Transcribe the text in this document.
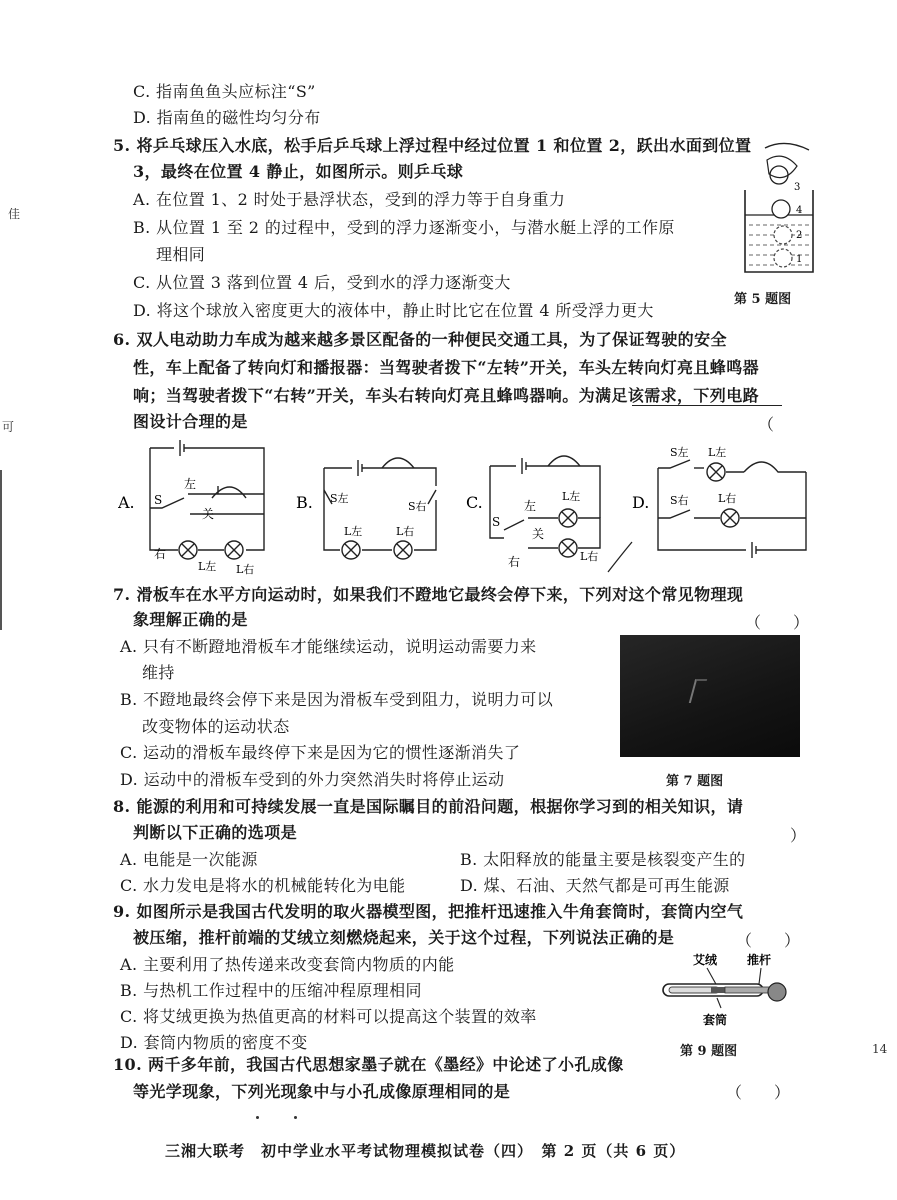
佳
可
14
C. 指南鱼鱼头应标注“S”
D. 指南鱼的磁性均匀分布
5. 将乒乓球压入水底，松手后乒乓球上浮过程中经过位置 1 和位置 2，跃出水面到位置
3，最终在位置 4 静止，如图所示。则乒乓球
A. 在位置 1、2 时处于悬浮状态，受到的浮力等于自身重力
B. 从位置 1 至 2 的过程中，受到的浮力逐渐变小，与潜水艇上浮的工作原
理相同
C. 从位置 3 落到位置 4 后，受到水的浮力逐渐变大
D. 将这个球放入密度更大的液体中，静止时比它在位置 4 所受浮力更大
3
4
2
1
第 5 题图
6. 双人电动助力车成为越来越多景区配备的一种便民交通工具，为了保证驾驶的安全
性，车上配备了转向灯和播报器：当驾驶者拨下“左转”开关，车头左转向灯亮且蜂鸣器
响；当驾驶者拨下“右转”开关，车头右转向灯亮且蜂鸣器响。为满足该需求，下列电路
图设计合理的是	（
A.	B.	C.	D.
S
左
关
右
L左 L右
S左
S右
L左	L右
S
左
关
右
L左
L右
S左
S右
L左
L右
7. 滑板车在水平方向运动时，如果我们不蹬地它最终会停下来，下列对这个常见物理现
象理解正确的是	（　　）
A. 只有不断蹬地滑板车才能继续运动，说明运动需要力来
维持
B. 不蹬地最终会停下来是因为滑板车受到阻力，说明力可以
改变物体的运动状态
C. 运动的滑板车最终停下来是因为它的惯性逐渐消失了
D. 运动中的滑板车受到的外力突然消失时将停止运动	第 7 题图
8. 能源的利用和可持续发展一直是国际瞩目的前沿问题，根据你学习到的相关知识，请
判断以下正确的选项是	）
A. 电能是一次能源	B. 太阳释放的能量主要是核裂变产生的
C. 水力发电是将水的机械能转化为电能	D. 煤、石油、天然气都是可再生能源
9. 如图所示是我国古代发明的取火器模型图，把推杆迅速推入牛角套筒时，套筒内空气
被压缩，推杆前端的艾绒立刻燃烧起来，关于这个过程，下列说法正确的是	（　　）
A. 主要利用了热传递来改变套筒内物质的内能
B. 与热机工作过程中的压缩冲程原理相同
C. 将艾绒更换为热值更高的材料可以提高这个装置的效率
D. 套筒内物质的密度不变
艾绒 推杆
套筒
第 9 题图
10. 两千多年前，我国古代思想家墨子就在《墨经》中论述了小孔成像
等光学现象，下列光现象中与小孔成像原理相同的是	（　　）
三湘大联考　初中学业水平考试物理模拟试卷（四）　第 2 页（共 6 页）
